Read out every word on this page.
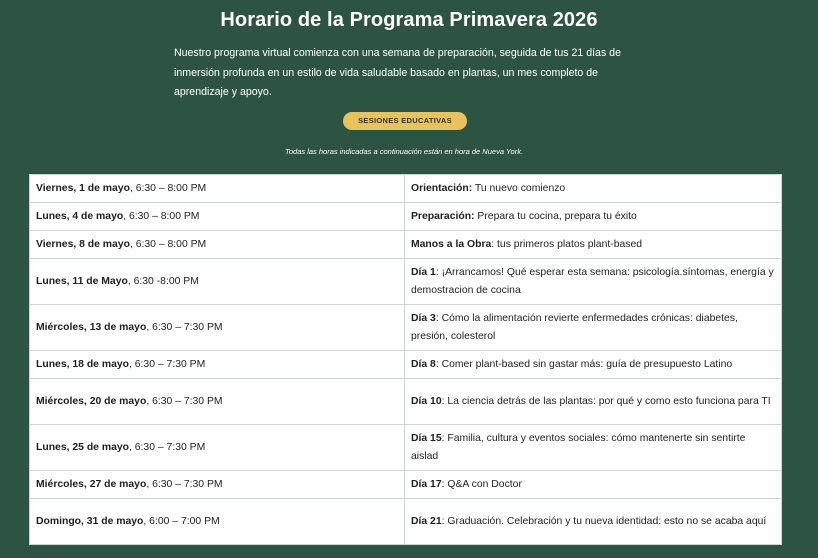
Horario de la Programa Primavera 2026
Nuestro programa virtual comienza con una semana de preparación, seguida de tus 21 días de inmersión profunda en un estilo de vida saludable basado en plantas, un mes completo de aprendizaje y apoyo.
SESIONES EDUCATIVAS
Todas las horas indicadas a continuación están en hora de Nueva York.
Viernes, 1 de mayo, 6:30 – 8:00 PM	Orientación: Tu nuevo comienzo
Lunes, 4 de mayo, 6:30 – 8:00 PM	Preparación: Prepara tu cocina, prepara tu éxito
Viernes, 8 de mayo, 6:30 – 8:00 PM	Manos a la Obra: tus primeros platos plant-based
Lunes, 11 de Mayo, 6:30 -8:00 PM	Día 1: ¡Arrancamos! Qué esperar esta semana: psicología.síntomas, energía y demostracion de cocina
Miércoles, 13 de mayo, 6:30 – 7:30 PM	Día 3: Cómo la alimentación revierte enfermedades crónicas: diabetes, presión, colesterol
Lunes, 18 de mayo, 6:30 – 7:30 PM	Día 8: Comer plant-based sin gastar más: guía de presupuesto Latino
Miércoles, 20 de mayo, 6:30 – 7:30 PM	Día 10: La ciencia detrás de las plantas: por qué y como esto funciona para TI
Lunes, 25 de mayo, 6:30 – 7:30 PM	Día 15: Familia, cultura y eventos sociales: cómo mantenerte sin sentirte aislad
Miércoles, 27 de mayo, 6:30 – 7:30 PM	Día 17: Q&A con Doctor
Domingo, 31 de mayo, 6:00 – 7:00 PM	Día 21: Graduación. Celebración y tu nueva identidad: esto no se acaba aquí
